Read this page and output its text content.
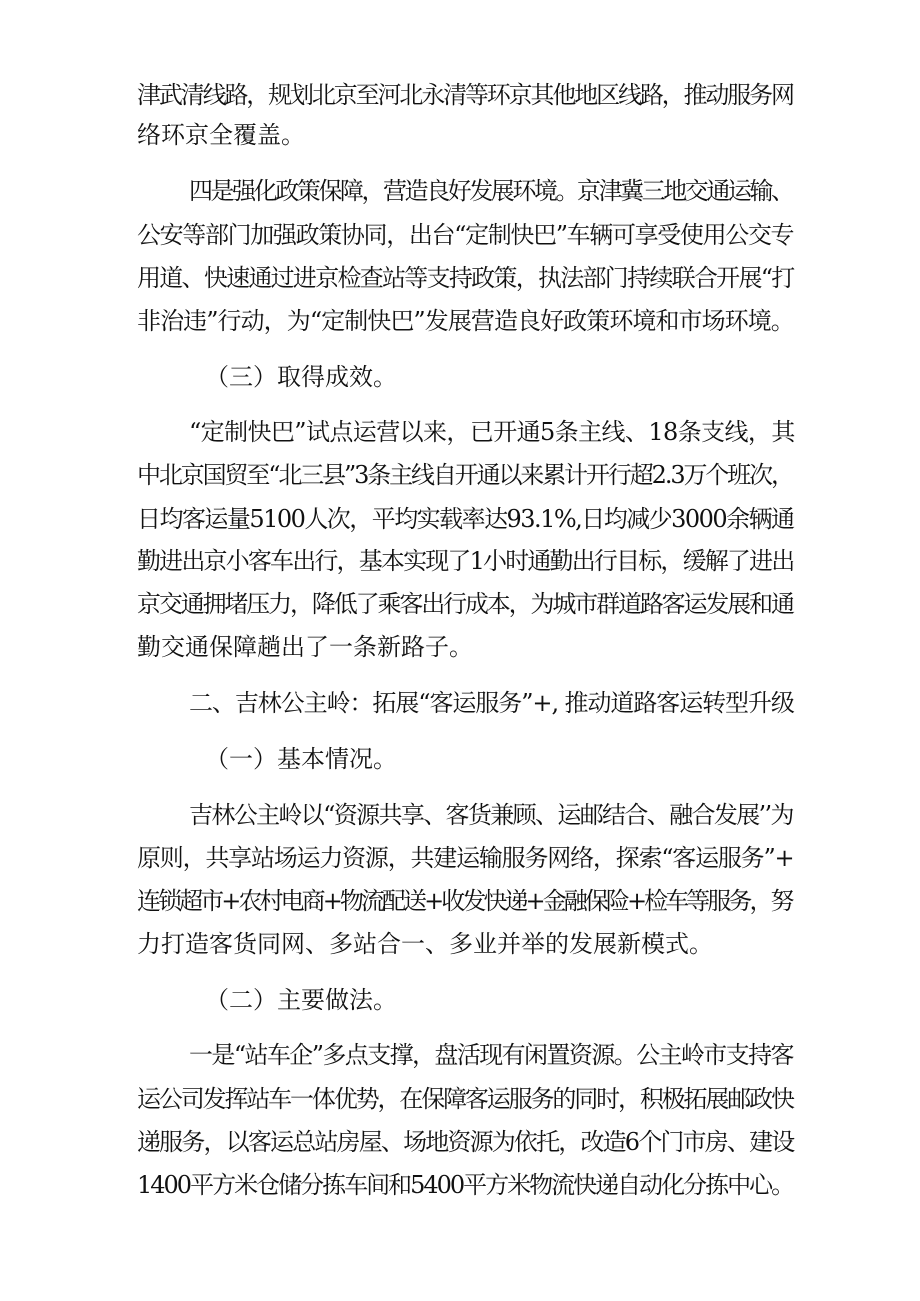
津武清线路，规划北京至河北永清等环京其他地区线路，推动服务网

络环京全覆盖。

四是强化政策保障，营造良好发展环境。京津冀三地交通运输、

公安等部门加强政策协同，出台“定制快巴”车辆可享受使用公交专

用道、快速通过进京检查站等支持政策，执法部门持续联合开展“打

非治违”行动，为“定制快巴”发展营造良好政策环境和市场环境。

（三）取得成效。

“定制快巴”试点运营以来，已开通5条主线、18条支线，其

中北京国贸至“北三县”3条主线自开通以来累计开行超2.3万个班次，

日均客运量5100人次，平均实载率达93.1%,日均减少3000余辆通

勤进出京小客车出行，基本实现了1小时通勤出行目标，缓解了进出

京交通拥堵压力，降低了乘客出行成本，为城市群道路客运发展和通

勤交通保障趟出了一条新路子。

二、吉林公主岭：拓展“客运服务”+, 推动道路客运转型升级

（一）基本情况。

吉林公主岭以“资源共享、客货兼顾、运邮结合、融合发展’’为

原则，共享站场运力资源，共建运输服务网络，探索“客运服务”+

连锁超市+农村电商+物流配送+收发快递+金融保险+检车等服务，努

力打造客货同网、多站合一、多业并举的发展新模式。

（二）主要做法。

一是“站车企”多点支撑，盘活现有闲置资源。公主岭市支持客

运公司发挥站车一体优势，在保障客运服务的同时，积极拓展邮政快

递服务，以客运总站房屋、场地资源为依托，改造6个门市房、建设

1400平方米仓储分拣车间和5400平方米物流快递自动化分拣中心。
